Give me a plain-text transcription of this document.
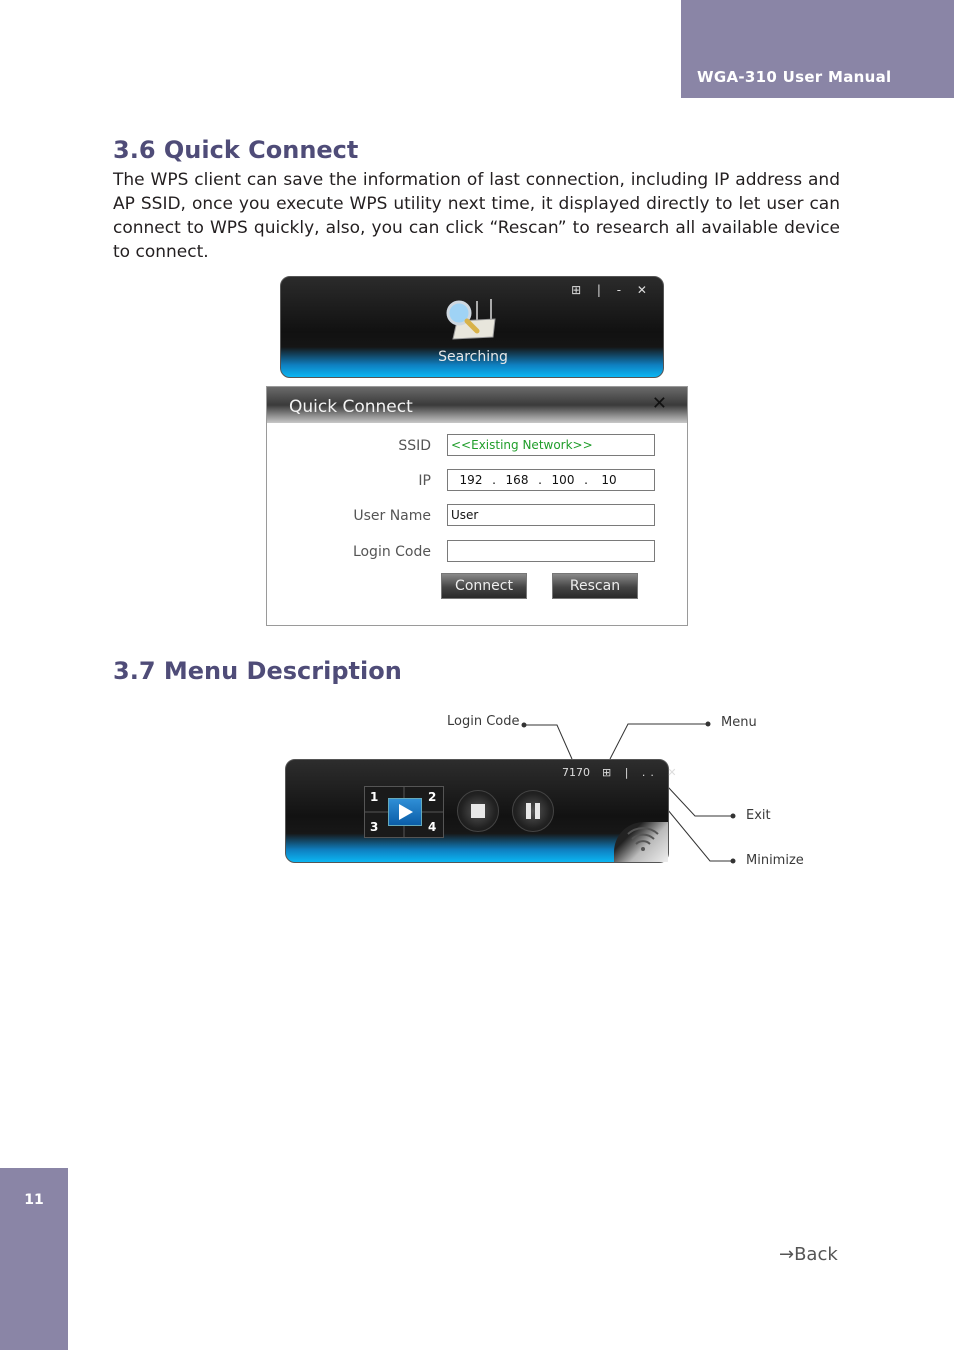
WGA-310 User Manual
3.6 Quick Connect

The WPS client can save the information of last connection, including IP address and AP SSID, once you execute WPS utility next time, it displayed directly to let user can connect to WPS quickly, also, you can click “Rescan” to research all available device to connect.

⊞ | ‑ ✕
Searching
Quick Connect	✕
SSID	<<Existing Network>>
IP	192 . 168 . 100 . 10
User Name	User
Login Code
Connect	Rescan
3.7 Menu Description
Login Code	Menu
Exit
Minimize
7170 ⊞ | .. ✕
1	2
3	4
→Back
11
